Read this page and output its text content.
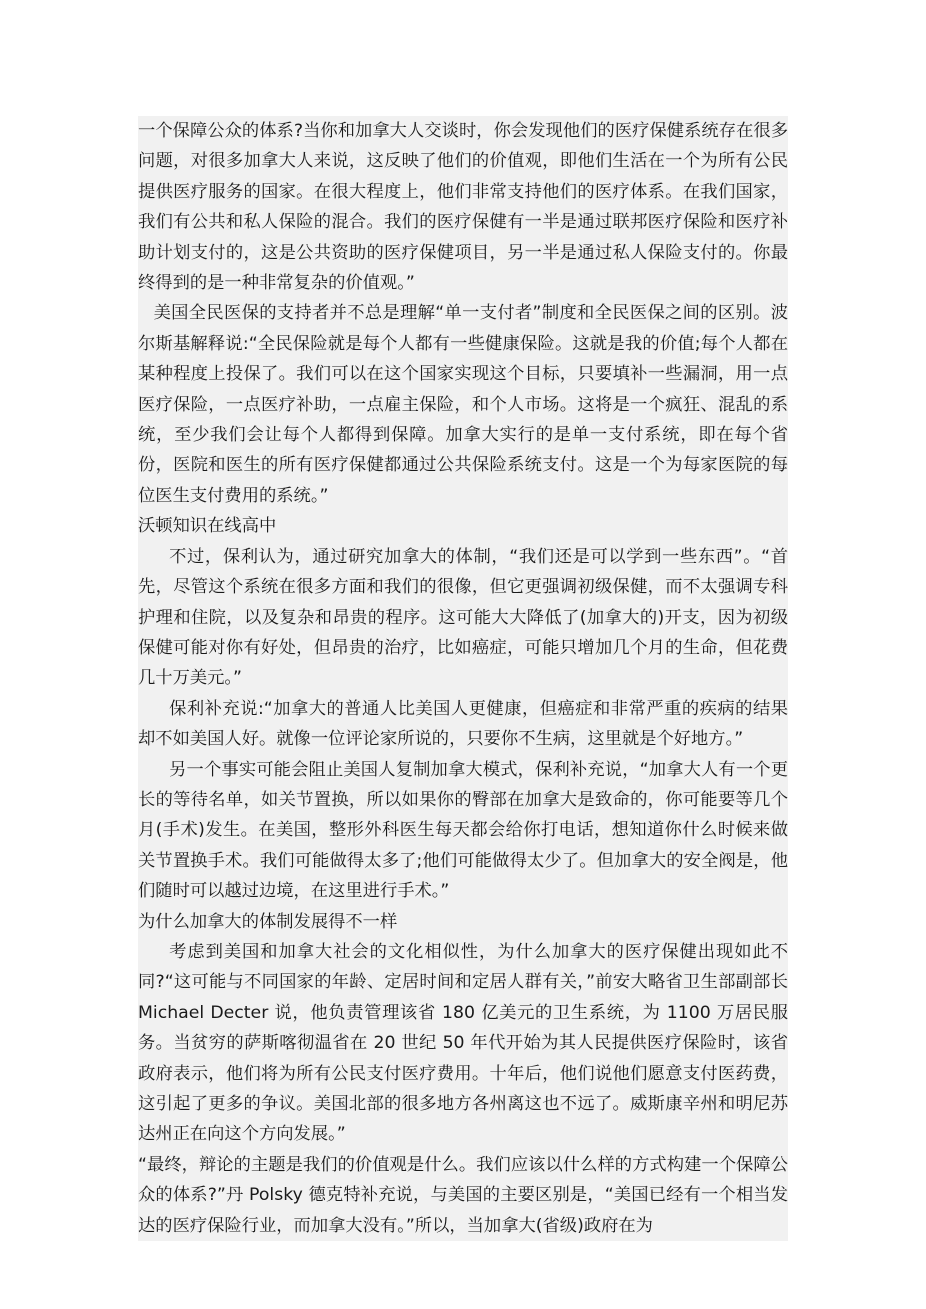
一个保障公众的体系?当你和加拿大人交谈时，你会发现他们的医疗保健系统存在很多问题，对很多加拿大人来说，这反映了他们的价值观，即他们生活在一个为所有公民提供医疗服务的国家。在很大程度上，他们非常支持他们的医疗体系。在我们国家，我们有公共和私人保险的混合。我们的医疗保健有一半是通过联邦医疗保险和医疗补助计划支付的，这是公共资助的医疗保健项目，另一半是通过私人保险支付的。你最终得到的是一种非常复杂的价值观。”

美国全民医保的支持者并不总是理解“单一支付者”制度和全民医保之间的区别。波尔斯基解释说:“全民保险就是每个人都有一些健康保险。这就是我的价值;每个人都在某种程度上投保了。我们可以在这个国家实现这个目标，只要填补一些漏洞，用一点医疗保险，一点医疗补助，一点雇主保险，和个人市场。这将是一个疯狂、混乱的系统，至少我们会让每个人都得到保障。加拿大实行的是单一支付系统，即在每个省份，医院和医生的所有医疗保健都通过公共保险系统支付。这是一个为每家医院的每位医生支付费用的系统。”

沃顿知识在线高中

不过，保利认为，通过研究加拿大的体制，“我们还是可以学到一些东西”。“首先，尽管这个系统在很多方面和我们的很像，但它更强调初级保健，而不太强调专科护理和住院，以及复杂和昂贵的程序。这可能大大降低了(加拿大的)开支，因为初级保健可能对你有好处，但昂贵的治疗，比如癌症，可能只增加几个月的生命，但花费几十万美元。”

保利补充说:“加拿大的普通人比美国人更健康，但癌症和非常严重的疾病的结果却不如美国人好。就像一位评论家所说的，只要你不生病，这里就是个好地方。”

另一个事实可能会阻止美国人复制加拿大模式，保利补充说，“加拿大人有一个更长的等待名单，如关节置换，所以如果你的臀部在加拿大是致命的，你可能要等几个月(手术)发生。在美国，整形外科医生每天都会给你打电话，想知道你什么时候来做关节置换手术。我们可能做得太多了;他们可能做得太少了。但加拿大的安全阀是，他们随时可以越过边境，在这里进行手术。”

为什么加拿大的体制发展得不一样

考虑到美国和加拿大社会的文化相似性，为什么加拿大的医疗保健出现如此不同?“这可能与不同国家的年龄、定居时间和定居人群有关，”前安大略省卫生部副部长 Michael Decter 说，他负责管理该省 180 亿美元的卫生系统，为 1100 万居民服务。当贫穷的萨斯喀彻温省在 20 世纪 50 年代开始为其人民提供医疗保险时，该省政府表示，他们将为所有公民支付医疗费用。十年后，他们说他们愿意支付医药费，这引起了更多的争议。美国北部的很多地方各州离这也不远了。威斯康辛州和明尼苏达州正在向这个方向发展。”

“最终，辩论的主题是我们的价值观是什么。我们应该以什么样的方式构建一个保障公众的体系?”丹 Polsky 德克特补充说，与美国的主要区别是，“美国已经有一个相当发达的医疗保险行业，而加拿大没有。”所以，当加拿大(省级)政府在为
